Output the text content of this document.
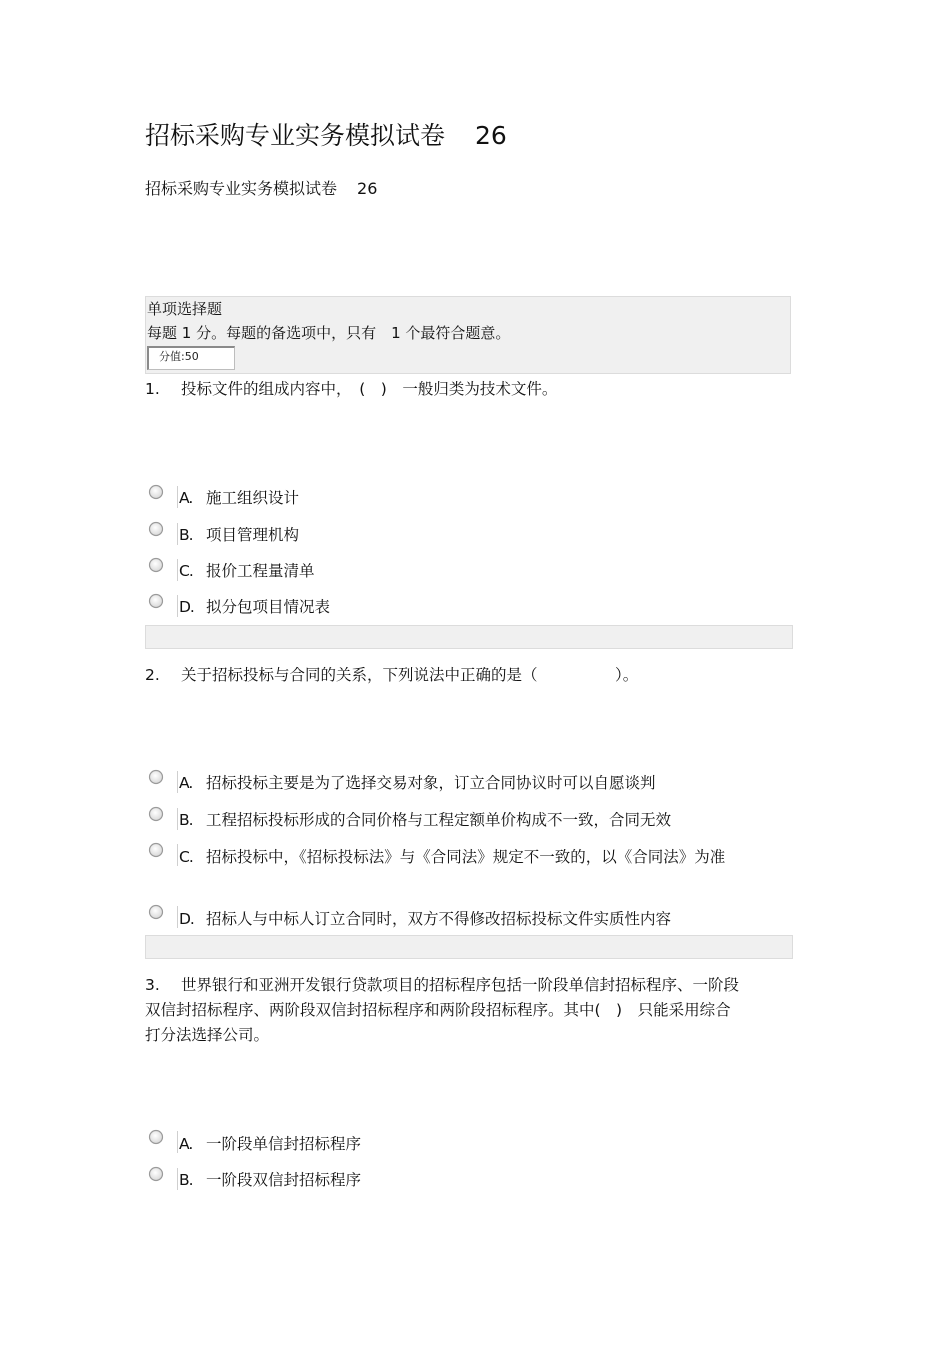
招标采购专业实务模拟试卷 26
招标采购专业实务模拟试卷 26
单项选择题
每题 1 分。每题的备选项中，只有　1 个最符合题意。
分值:50
1. 投标文件的组成内容中，　(　)　一般归类为技术文件。
A. 施工组织设计
B. 项目管理机构
C. 报价工程量清单
D. 拟分包项目情况表
2. 关于招标投标与合同的关系，下列说法中正确的是（　　　　　）。
A. 招标投标主要是为了选择交易对象，订立合同协议时可以自愿谈判
B. 工程招标投标形成的合同价格与工程定额单价构成不一致，合同无效
C. 招标投标中，《招标投标法》与《合同法》规定不一致的，以《合同法》为准
D. 招标人与中标人订立合同时，双方不得修改招标投标文件实质性内容
3. 世界银行和亚洲开发银行贷款项目的招标程序包括一阶段单信封招标程序、一阶段双信封招标程序、两阶段双信封招标程序和两阶段招标程序。其中(　)　只能采用综合打分法选择公司。
A. 一阶段单信封招标程序
B. 一阶段双信封招标程序
